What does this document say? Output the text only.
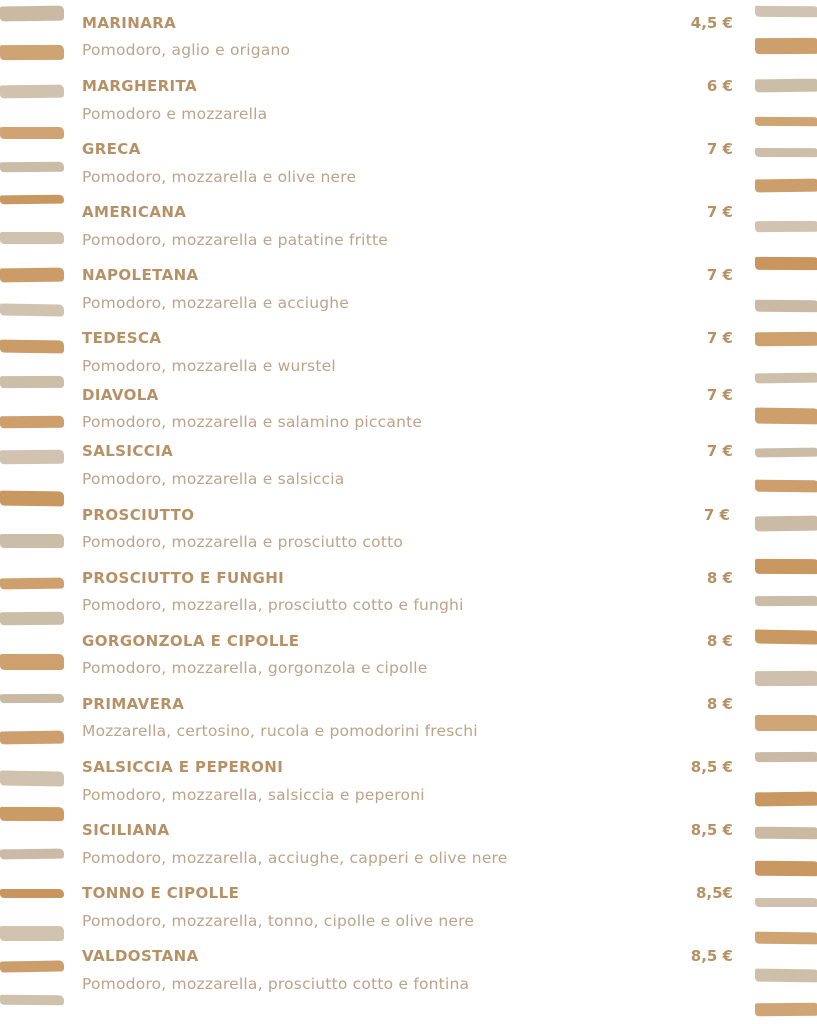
MARINARA	4,5 €
Pomodoro, aglio e origano
MARGHERITA	6 €
Pomodoro e mozzarella
GRECA	7 €
Pomodoro, mozzarella e olive nere
AMERICANA	7 €
Pomodoro, mozzarella e patatine fritte
NAPOLETANA	7 €
Pomodoro, mozzarella e acciughe
TEDESCA	7 €
Pomodoro, mozzarella e wurstel
DIAVOLA	7 €
Pomodoro, mozzarella e salamino piccante
SALSICCIA	7 €
Pomodoro, mozzarella e salsiccia
PROSCIUTTO	7 €
Pomodoro, mozzarella e prosciutto cotto
PROSCIUTTO E FUNGHI	8 €
Pomodoro, mozzarella, prosciutto cotto e funghi
GORGONZOLA E CIPOLLE	8 €
Pomodoro, mozzarella, gorgonzola e cipolle
PRIMAVERA	8 €
Mozzarella, certosino, rucola e pomodorini freschi
SALSICCIA E PEPERONI	8,5 €
Pomodoro, mozzarella, salsiccia e peperoni
SICILIANA	8,5 €
Pomodoro, mozzarella, acciughe, capperi e olive nere
TONNO E CIPOLLE	8,5€
Pomodoro, mozzarella, tonno, cipolle e olive nere
VALDOSTANA	8,5 €
Pomodoro, mozzarella, prosciutto cotto e fontina
